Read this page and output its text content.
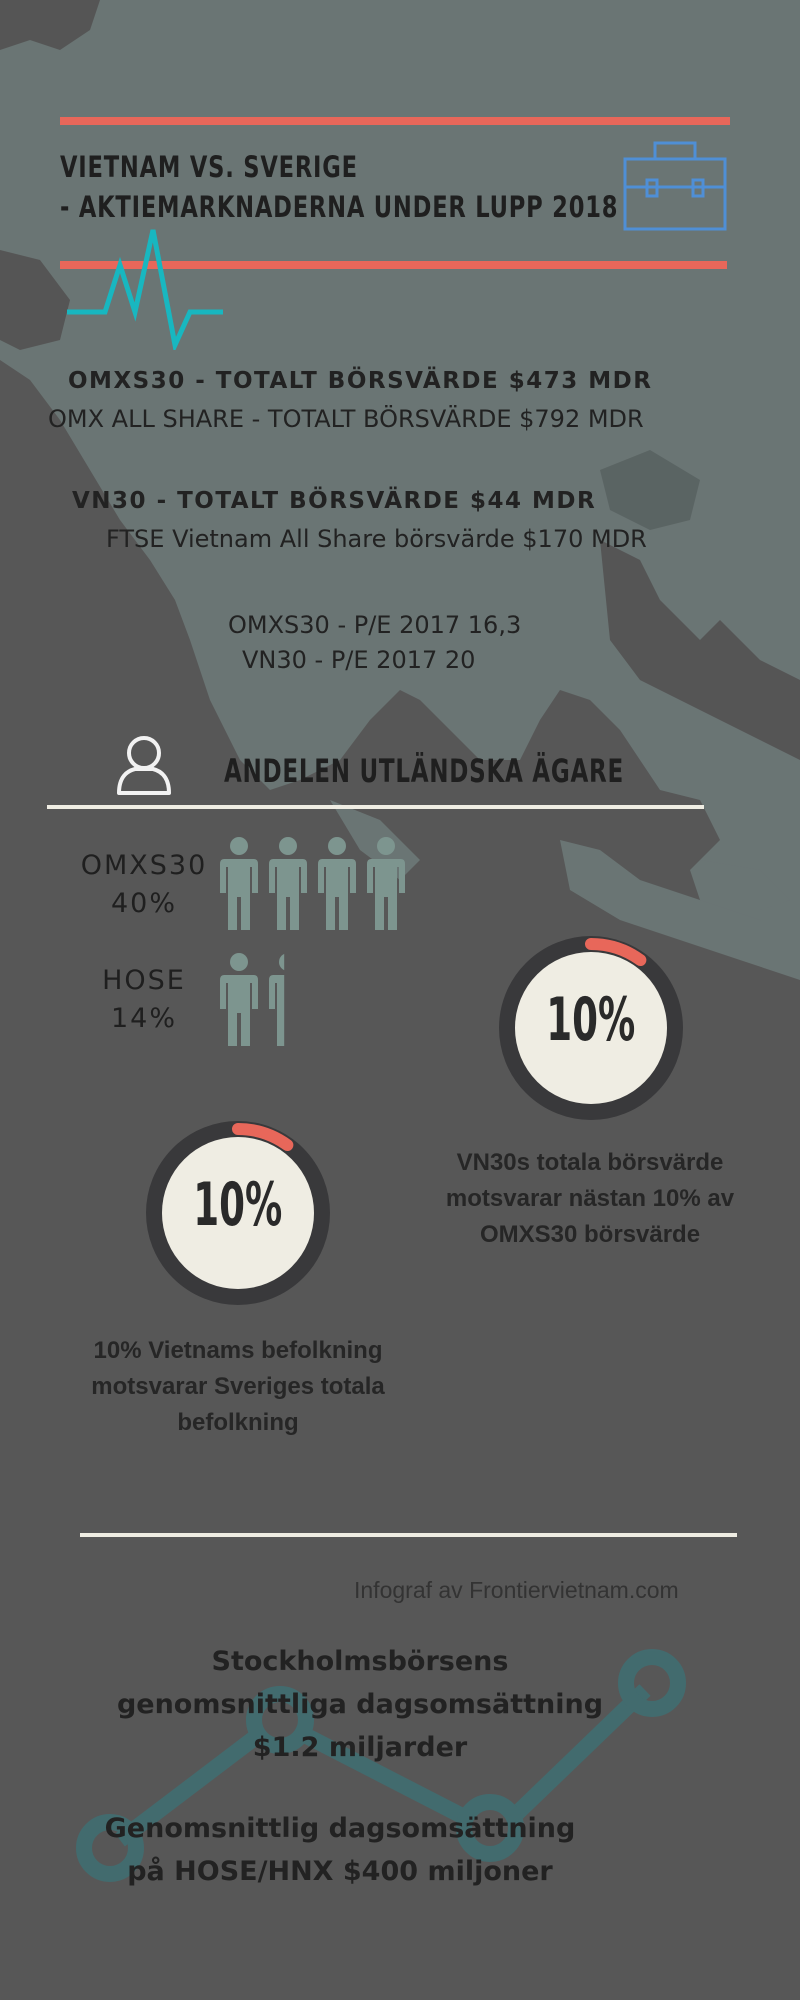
VIETNAM VS. SVERIGE
- AKTIEMARKNADERNA UNDER LUPP 2018
OMXS30 - TOTALT BÖRSVÄRDE $473 MDR
OMX ALL SHARE - TOTALT BÖRSVÄRDE $792 MDR
VN30 - TOTALT BÖRSVÄRDE $44 MDR
FTSE Vietnam All Share börsvärde $170 MDR
OMXS30 - P/E 2017 16,3
VN30 - P/E 2017 20
ANDELEN UTLÄNDSKA ÄGARE
OMXS30
40%
HOSE
14%	10%
VN30s totala börsvärde
motsvarar nästan 10% av
OMXS30 börsvärde
10%
10% Vietnams befolkning
motsvarar Sveriges totala
befolkning
Infograf av Frontiervietnam.com
Stockholmsbörsens
genomsnittliga dagsomsättning
$1.2 miljarder
Genomsnittlig dagsomsättning
på HOSE/HNX $400 miljoner
